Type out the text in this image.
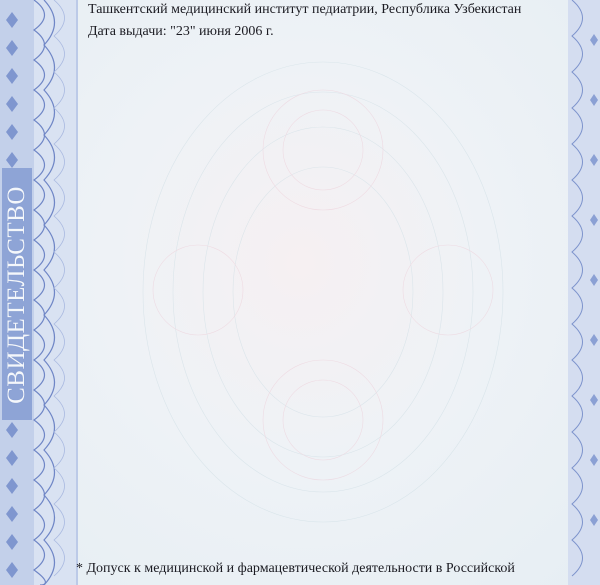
СВИДЕТЕЛЬСТВО
Ташкентский медицинский институт педиатрии, Республика Узбекистан
Дата выдачи: "23" июня 2006 г.
* Допуск к медицинской и фармацевтической деятельности в Российской
